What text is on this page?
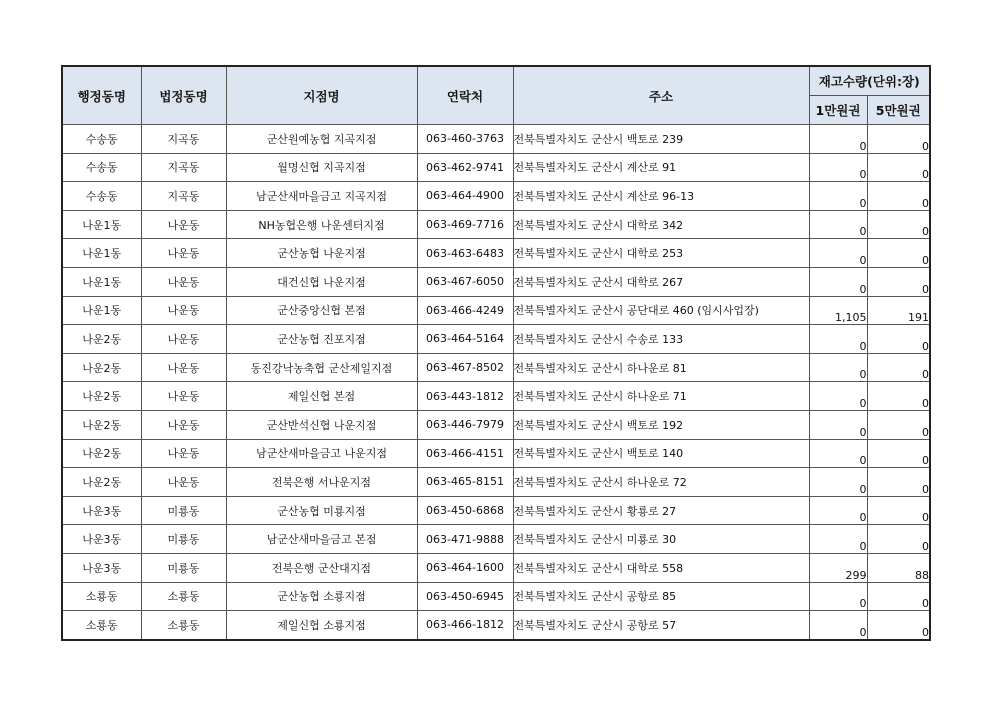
행정동명	법정동명	지점명	연락처	주소	재고수량(단위:장)	
					1만원권	5만원권
수송동	지곡동	군산원예농협 지곡지점	063-460-3763	전북특별자치도 군산시 백토로 239	0	0
수송동	지곡동	월명신협 지곡지점	063-462-9741	전북특별자치도 군산시 계산로 91	0	0
수송동	지곡동	남군산새마을금고 지곡지점	063-464-4900	전북특별자치도 군산시 계산로 96-13	0	0
나운1동	나운동	NH농협은행 나운센터지점	063-469-7716	전북특별자치도 군산시 대학로 342	0	0
나운1동	나운동	군산농협 나운지점	063-463-6483	전북특별자치도 군산시 대학로 253	0	0
나운1동	나운동	대건신협 나운지점	063-467-6050	전북특별자치도 군산시 대학로 267	0	0
나운1동	나운동	군산중앙신협 본점	063-466-4249	전북특별자치도 군산시 공단대로 460 (임시사업장)	1,105	191
나운2동	나운동	군산농협 진포지점	063-464-5164	전북특별자치도 군산시 수송로 133	0	0
나운2동	나운동	동진강낙농축협 군산제일지점	063-467-8502	전북특별자치도 군산시 하나운로 81	0	0
나운2동	나운동	제일신협 본점	063-443-1812	전북특별자치도 군산시 하나운로 71	0	0
나운2동	나운동	군산반석신협 나운지점	063-446-7979	전북특별자치도 군산시 백토로 192	0	0
나운2동	나운동	남군산새마을금고 나운지점	063-466-4151	전북특별자치도 군산시 백토로 140	0	0
나운2동	나운동	전북은행 서나운지점	063-465-8151	전북특별자치도 군산시 하나운로 72	0	0
나운3동	미룡동	군산농협 미룡지점	063-450-6868	전북특별자치도 군산시 황룡로 27	0	0
나운3동	미룡동	남군산새마을금고 본점	063-471-9888	전북특별자치도 군산시 미룡로 30	0	0
나운3동	미룡동	전북은행 군산대지점	063-464-1600	전북특별자치도 군산시 대학로 558	299	88
소룡동	소룡동	군산농협 소룡지점	063-450-6945	전북특별자치도 군산시 공항로 85	0	0
소룡동	소룡동	제일신협 소룡지점	063-466-1812	전북특별자치도 군산시 공항로 57	0	0
